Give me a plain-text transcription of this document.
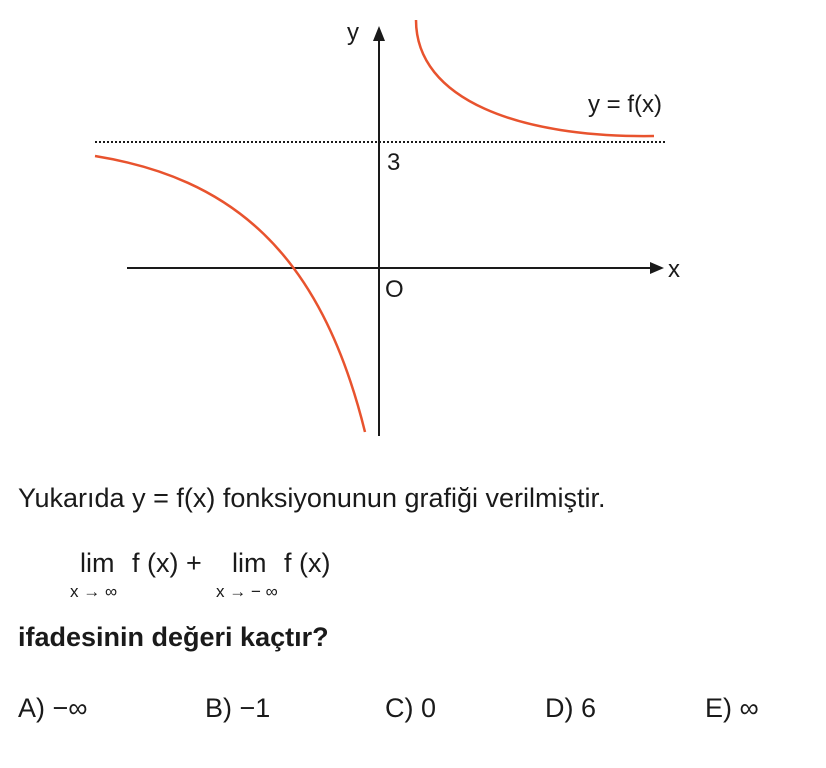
y
x
3
O
y = f(x)
Yukarıda y = f(x) fonksiyonunun grafiği verilmiştir.
lim
x → ∞
f (x) + lim
x → − ∞
f (x)
ifadesinin değeri kaçtır?
A) −∞	B) −1	C) 0	D) 6	E) ∞
